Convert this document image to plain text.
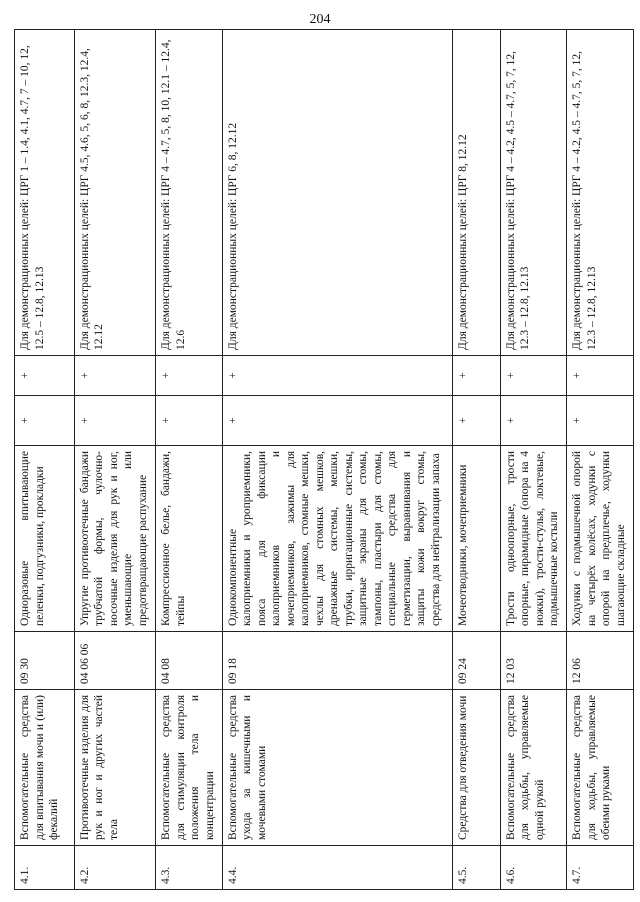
204
4.1.	Вспомогательные средства для впитывания мочи и (или) фекалий	09 30	Одноразовые впитывающие пеленки, подгузники, прокладки	+	+	Для демонстрационных целей: ЦРГ 1 – 1.4, 4.1, 4.7, 7 – 10, 12, 12.5 – 12.8, 12.13
4.2.	Противоотечные изделия для рук и ног и других частей тела	04 06 06	Упругие противоотечные бандажи трубчатой формы, чулочно-носочные изделия для рук и ног, уменьшающие или предотвращающие распухание	+	+	Для демонстрационных целей: ЦРГ 4.5, 4.6, 5, 6, 8, 12.3, 12.4, 12.12
4.3.	Вспомогательные средства для стимуляции контроля положения тела и концентрации	04 08	Компрессионное белье, бандажи, тейпы	+	+	Для демонстрационных целей: ЦРГ 4 – 4.7, 5, 8, 10, 12.1 – 12.4, 12.6
4.4.	Вспомогательные средства ухода за кишечными и мочевыми стомами	09 18	Однокомпонентные калоприемники и уроприемники, пояса для фиксации калоприемников и мочеприемников, зажимы для калоприемников, стомные мешки, чехлы для стомных мешков, дренажные системы, мешки, трубки, ирригационные системы, защитные экраны для стомы, тампоны, пластыри для стомы, специальные средства для герметизации, выравнивания и защиты кожи вокруг стомы, средства для нейтрализации запаха	+	+	Для демонстрационных целей: ЦРГ 6, 8, 12.12
4.5.	Средства для отведения мочи	09 24	Мочеотводники, мочеприемники	+	+	Для демонстрационных целей: ЦРГ 8, 12.12
4.6.	Вспомогательные средства для ходьбы, управляемые одной рукой	12 03	Трости одноопорные, трости опорные, пирамидные (опора на 4 ножки), трости-стулья, локтевые, подмышечные костыли	+	+	Для демонстрационных целей: ЦРГ 4 – 4.2, 4.5 – 4.7, 5, 7, 12, 12.3 – 12.8, 12.13
4.7.	Вспомогательные средства для ходьбы, управляемые обеими руками	12 06	Ходунки с подмышечной опорой на четырёх колёсах, ходунки с опорой на предплечье, ходунки шагающие складные	+	+	Для демонстрационных целей: ЦРГ 4 – 4.2, 4.5 – 4.7, 5, 7, 12, 12.3 – 12.8, 12.13
